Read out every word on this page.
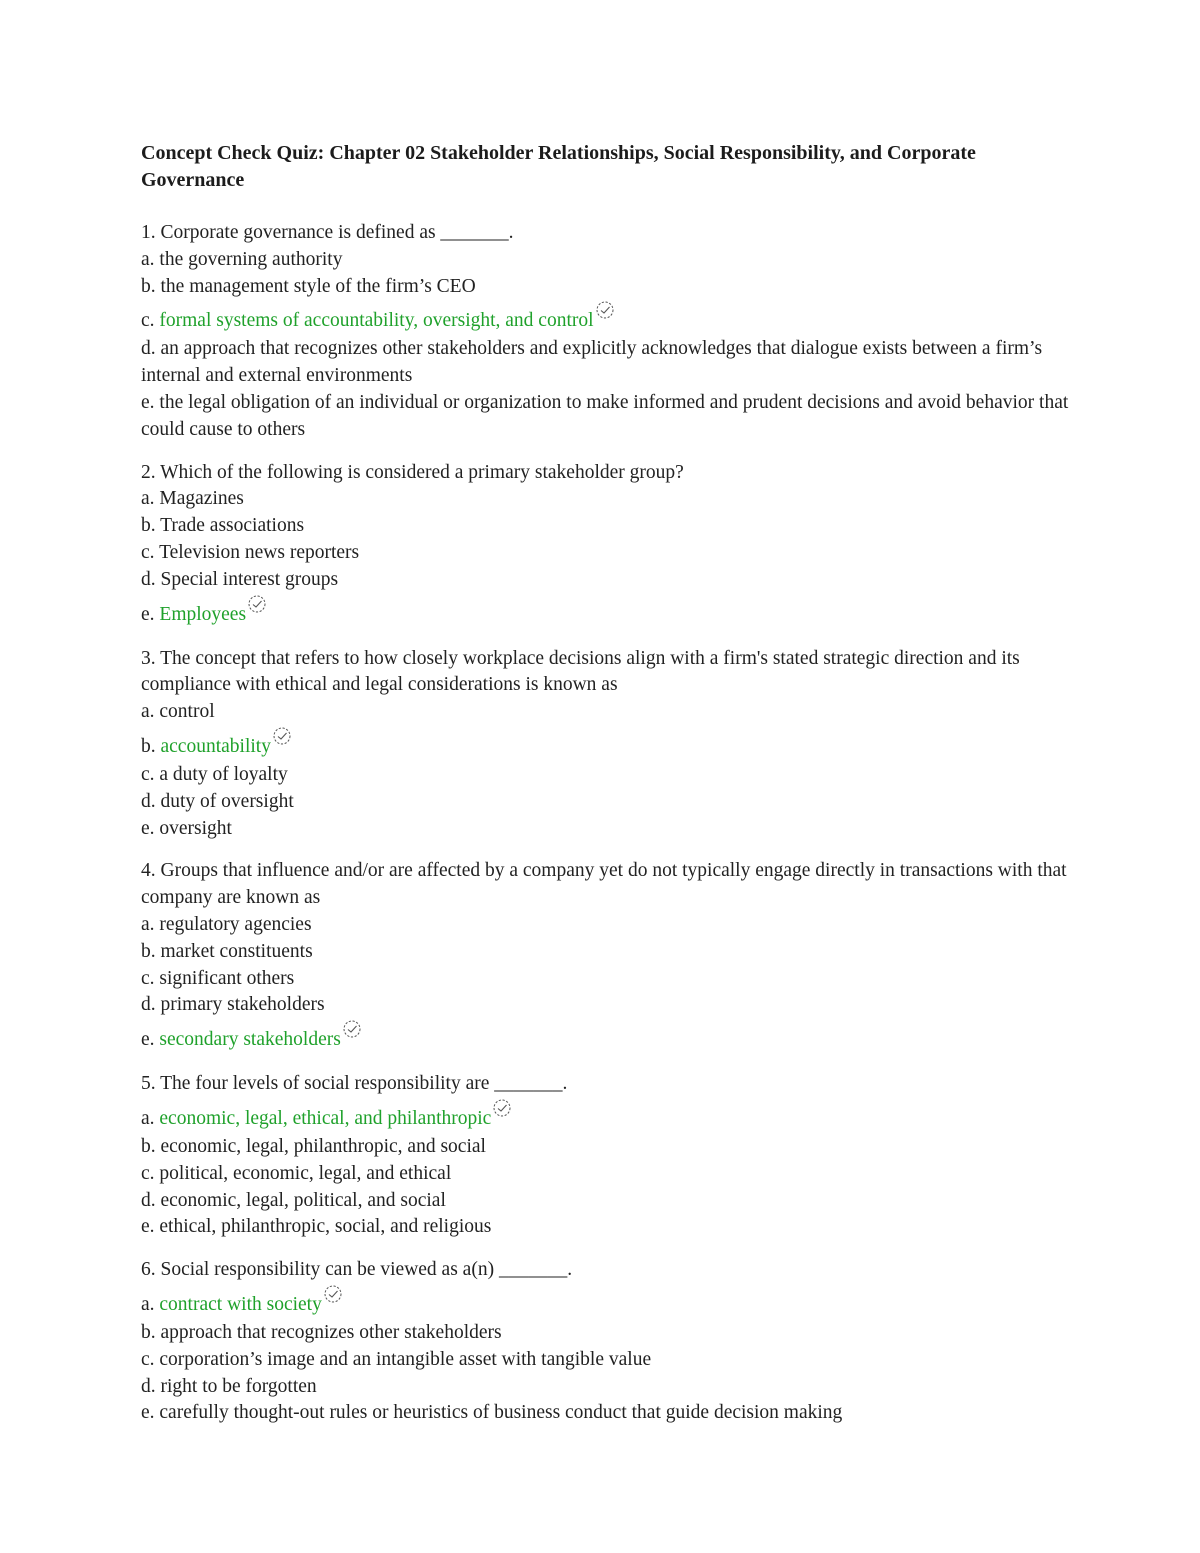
Concept Check Quiz: Chapter 02 Stakeholder Relationships, Social Responsibility, and Corporate Governance

1. Corporate governance is defined as _______.

a. the governing authority

b. the management style of the firm’s CEO

c. formal systems of accountability, oversight, and control

d. an approach that recognizes other stakeholders and explicitly acknowledges that dialogue exists between a firm’s internal and external environments

e. the legal obligation of an individual or organization to make informed and prudent decisions and avoid behavior that could cause to others

2. Which of the following is considered a primary stakeholder group?

a. Magazines

b. Trade associations

c. Television news reporters

d. Special interest groups

e. Employees

3. The concept that refers to how closely workplace decisions align with a firm's stated strategic direction and its compliance with ethical and legal considerations is known as

a. control

b. accountability

c. a duty of loyalty

d. duty of oversight

e. oversight

4. Groups that influence and/or are affected by a company yet do not typically engage directly in transactions with that company are known as

a. regulatory agencies

b. market constituents

c. significant others

d. primary stakeholders

e. secondary stakeholders

5. The four levels of social responsibility are _______.

a. economic, legal, ethical, and philanthropic

b. economic, legal, philanthropic, and social

c. political, economic, legal, and ethical

d. economic, legal, political, and social

e. ethical, philanthropic, social, and religious

6. Social responsibility can be viewed as a(n) _______.

a. contract with society

b. approach that recognizes other stakeholders

c. corporation’s image and an intangible asset with tangible value

d. right to be forgotten

e. carefully thought-out rules or heuristics of business conduct that guide decision making
